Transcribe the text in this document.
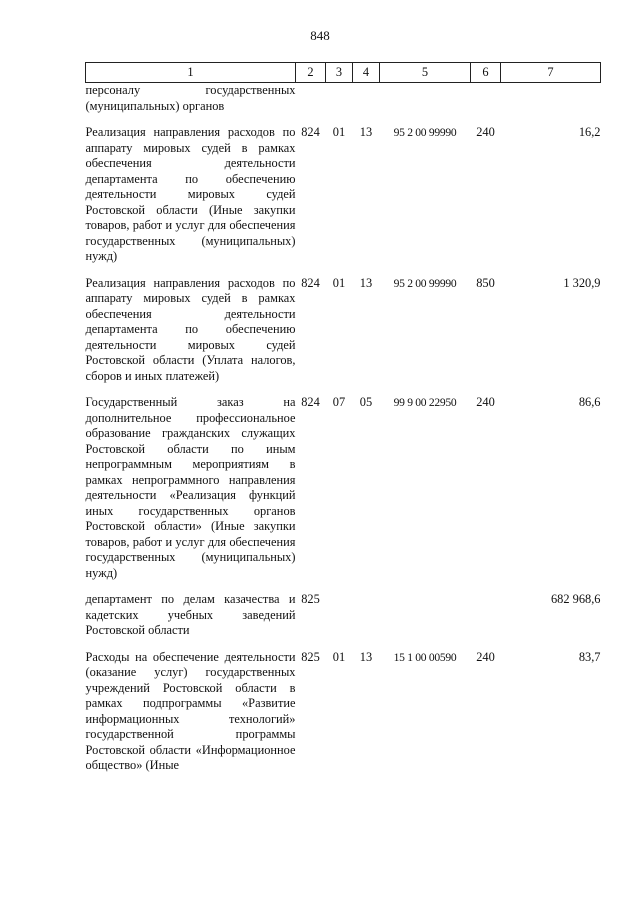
848
1	2	3	4	5	6	7
персоналу государственных (муниципальных) органов						

Реализация направления расходов по аппарату мировых судей в рамках обеспечения деятельности департамента по обеспечению деятельности мировых судей Ростовской области (Иные закупки товаров, работ и услуг для обеспечения государственных (муниципальных) нужд)	824	01	13	95 2 00 99990	240	16,2

Реализация направления расходов по аппарату мировых судей в рамках обеспечения деятельности департамента по обеспечению деятельности мировых судей Ростовской области (Уплата налогов, сборов и иных платежей)	824	01	13	95 2 00 99990	850	1 320,9

Государственный заказ на дополнительное профессиональное образование гражданских служащих Ростовской области по иным непрограммным мероприятиям в рамках непрограммного направления деятельности «Реализация функций иных государственных органов Ростовской области» (Иные закупки товаров, работ и услуг для обеспечения государственных (муниципальных) нужд)	824	07	05	99 9 00 22950	240	86,6

департамент по делам казачества и кадетских учебных заведений Ростовской области	825					682 968,6

Расходы на обеспечение деятельности (оказание услуг) государственных учреждений Ростовской области в рамках подпрограммы «Развитие информационных технологий» государственной программы Ростовской области «Информационное общество» (Иные	825	01	13	15 1 00 00590	240	83,7
